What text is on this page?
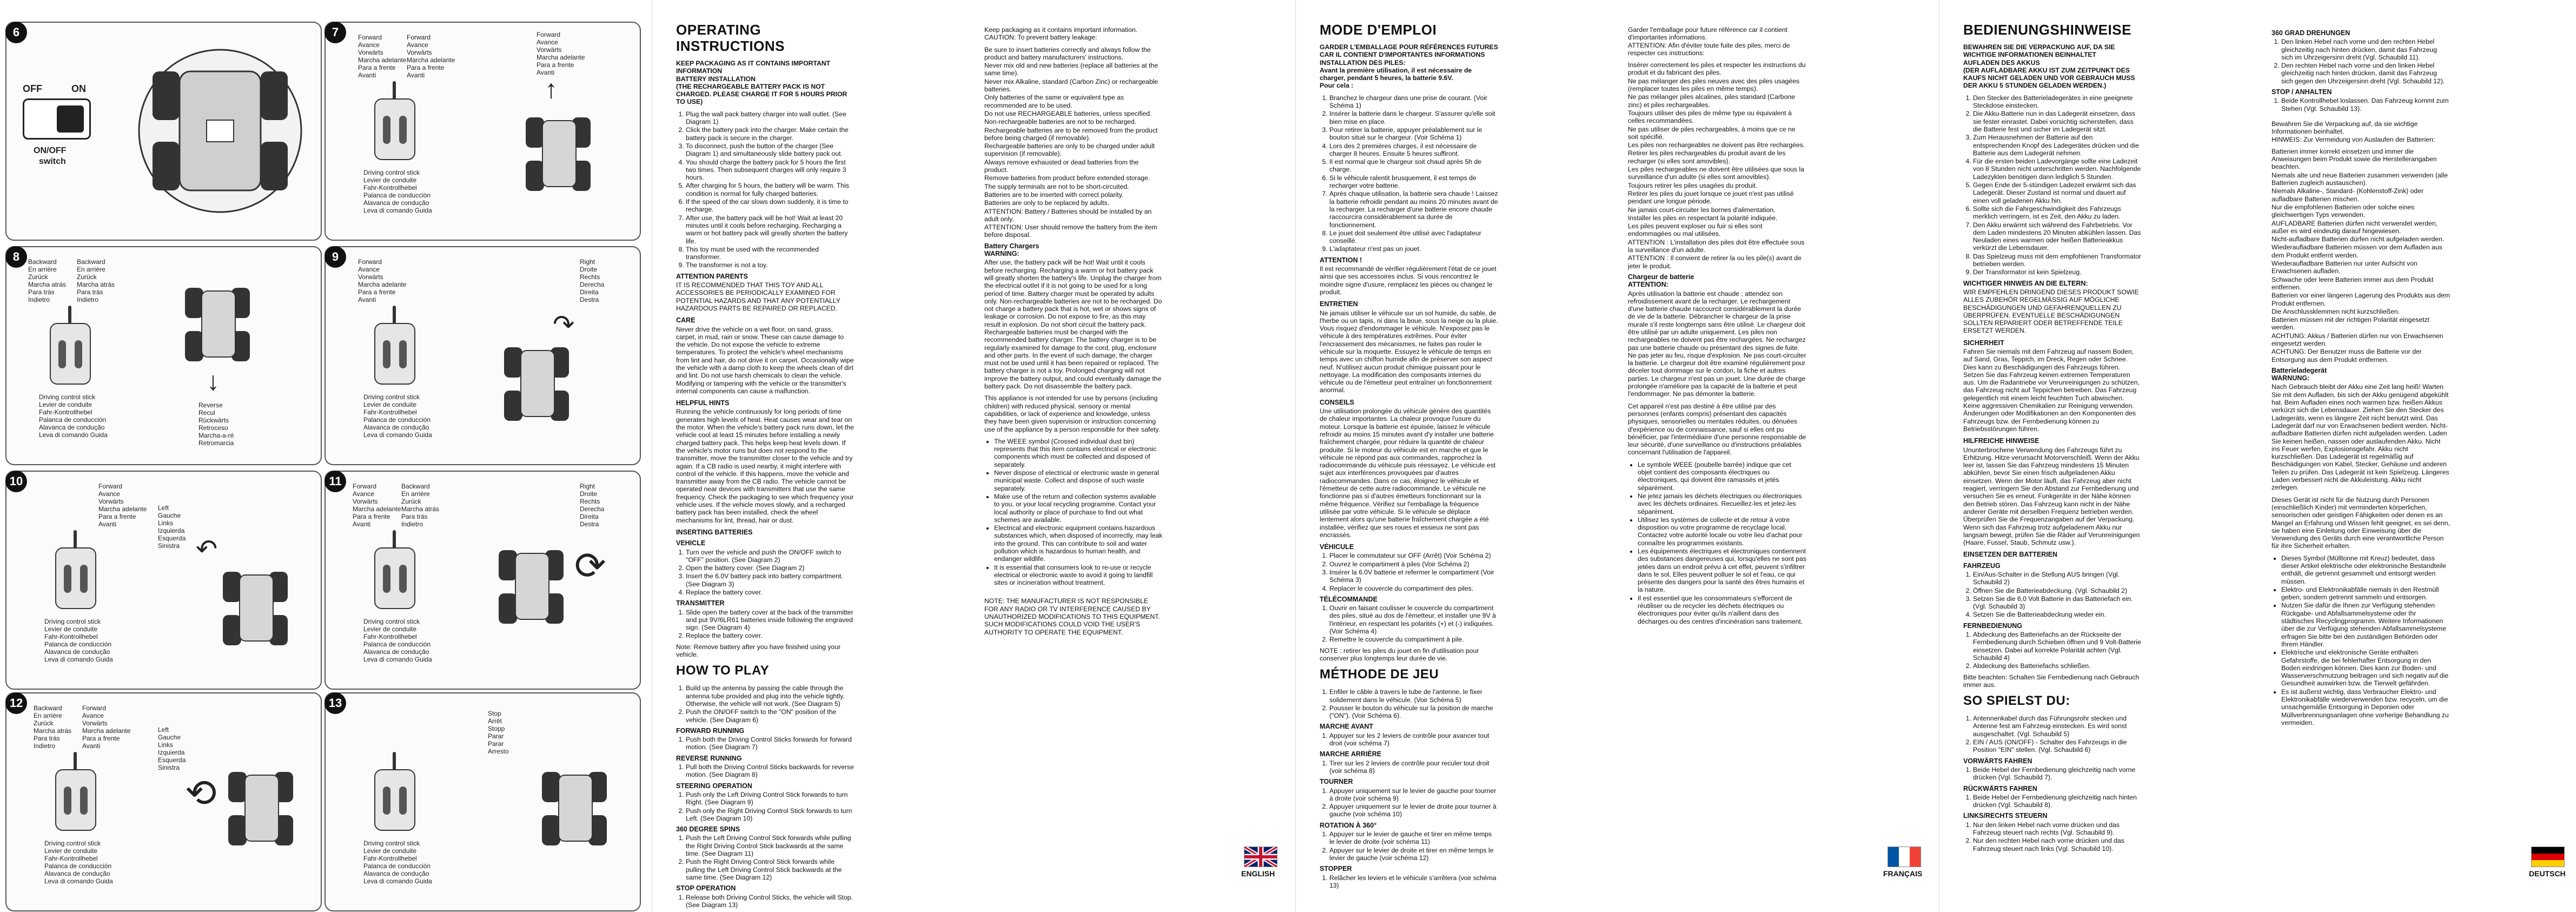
6
OFF	ON
ON/OFF
switch
7	Forward
Avance
Vorwärts
Marcha adelante
Para a frente
Avanti
Forward
Avance
Vorwärts
Marcha adelante
Para a frente
Avanti
Driving control stick
Levier de conduite
Fahr-Kontrollhebel
Palanca de conducción
Alavanca de condução
Leva di comando Guida
Forward
Avance
Vorwärts
Marcha adelante
Para a frente
Avanti
↑
8	Backward
En arrière
Zurück
Marcha atrás
Para trás
Indietro
Backward
En arrière
Zurück
Marcha atrás
Para trás
Indietro
Driving control stick
Levier de conduite
Fahr-Kontrollhebel
Palanca de conducción
Alavanca de condução
Leva di comando Guida
↓
Reverse
Recul
Rückwärts
Retroceso
Marcha-a-ré
Retromarcia
9	Forward
Avance
Vorwärts
Marcha adelante
Para a frente
Avanti
Driving control stick
Levier de conduite
Fahr-Kontrollhebel
Palanca de conducción
Alavanca de condução
Leva di comando Guida
Right
Droite
Rechts
Derecha
Direita
Destra
↷
10	Forward
Avance
Vorwärts
Marcha adelante
Para a frente
Avanti
Driving control stick
Levier de conduite
Fahr-Kontrollhebel
Palanca de conducción
Alavanca de condução
Leva di comando Guida
Left
Gauche
Links
Izquierda
Esquerda
Sinistra ↶
11	Forward
Avance
Vorwärts
Marcha adelante
Para a frente
Avanti
Backward
En arrière
Zurück
Marcha atrás
Para trás
Indietro
Driving control stick
Levier de conduite
Fahr-Kontrollhebel
Palanca de conducción
Alavanca de condução
Leva di comando Guida
Right
Droite
Rechts
Derecha
Direita
Destra
⟳
12	Backward
En arrière
Zurück
Marcha atrás
Para trás
Indietro
Forward
Avance
Vorwärts
Marcha adelante
Para a frente
Avanti
Driving control stick
Levier de conduite
Fahr-Kontrollhebel
Palanca de conducción
Alavanca de condução
Leva di comando Guida
Left
Gauche
Links
Izquierda
Esquerda
Sinistra
⟲
13
Driving control stick
Levier de conduite
Fahr-Kontrollhebel
Palanca de conducción
Alavanca de condução
Leva di comando Guida
Stop
Arrêt
Stopp
Parar
Parar
Arresto
OPERATING INSTRUCTIONS

KEEP PACKAGING AS IT CONTAINS IMPORTANT INFORMATION
BATTERY INSTALLATION
(THE RECHARGEABLE BATTERY PACK IS NOT CHARGED. PLEASE CHARGE IT FOR 5 HOURS PRIOR TO USE)

1. Plug the wall pack battery charger into wall outlet. (See Diagram 1)
2. Click the battery pack into the charger. Make certain the battery pack is secure in the charger.
3. To disconnect, push the button of the charger (See Diagram 1) and simultaneously slide battery pack out.
4. You should charge the battery pack for 5 hours the first two times. Then subsequent charges will only require 3 hours.
5. After charging for 5 hours, the battery will be warm. This condition is normal for fully charged batteries.
6. If the speed of the car slows down suddenly, it is time to recharge.
7. After use, the battery pack will be hot! Wait at least 20 minutes until it cools before recharging. Recharging a warm or hot battery pack will greatly shorten the battery life.
8. This toy must be used with the recommended transformer.
9. The transformer is not a toy.
ATTENTION PARENTS

IT IS RECOMMENDED THAT THIS TOY AND ALL ACCESSORIES BE PERIODICALLY EXAMINED FOR POTENTIAL HAZARDS AND THAT ANY POTENTIALLY HAZARDOUS PARTS BE REPAIRED OR REPLACED.

CARE

Never drive the vehicle on a wet floor, on sand, grass, carpet, in mud, rain or snow. These can cause damage to the vehicle. Do not expose the vehicle to extreme temperatures. To protect the vehicle's wheel mechanisms from lint and hair, do not drive it on carpet. Occasionally wipe the vehicle with a damp cloth to keep the wheels clean of dirt and lint. Do not use harsh chemicals to clean the vehicle. Modifying or tampering with the vehicle or the transmitter's internal components can cause a malfunction.

HELPFUL HINTS

Running the vehicle continuously for long periods of time generates high levels of heat. Heat causes wear and tear on the motor. When the vehicle's battery pack runs down, let the vehicle cool at least 15 minutes before installing a newly charged battery pack. This helps keep heat levels down. If the vehicle's motor runs but does not respond to the transmitter, move the transmitter closer to the vehicle and try again. If a CB radio is used nearby, it might interfere with control of the vehicle. If this happens, move the vehicle and transmitter away from the CB radio. The vehicle cannot be operated near devices with transmitters that use the same frequency. Check the packaging to see which frequency your vehicle uses. If the vehicle moves slowly, and a recharged battery pack has been installed, check the wheel mechanisms for lint, thread, hair or dust.

INSERTING BATTERIES
VEHICLE
1. Turn over the vehicle and push the ON/OFF switch to "OFF" position. (See Diagram 2)
2. Open the battery cover. (See Diagram 2)
3. Insert the 6.0V battery pack into battery compartment. (See Diagram 3)
4. Replace the battery cover.
TRANSMITTER
1. Slide open the battery cover at the back of the transmitter and put 9V/6LR61 batteries inside following the engraved sign. (See Diagram 4)
2. Replace the battery cover.

Note: Remove battery after you have finished using your vehicle.

HOW TO PLAY
1. Build up the antenna by passing the cable through the antenna tube provided and plug into the vehicle tightly. Otherwise, the vehicle will not work. (See Diagram 5)
2. Push the ON/OFF switch to the "ON" position of the vehicle. (See Diagram 6)
FORWARD RUNNING
1. Push both the Driving Control Sticks forwards for forward motion. (See Diagram 7)
REVERSE RUNNING
1. Pull both the Driving Control Sticks backwards for reverse motion. (See Diagram 8)
STEERING OPERATION
1. Push only the Left Driving Control Stick forwards to turn Right. (See Diagram 9)
2. Push only the Right Driving Control Stick forwards to turn Left. (See Diagram 10)
360 DEGREE SPINS
1. Push the Left Driving Control Stick forwards while pulling the Right Driving Control Stick backwards at the same time. (See Diagram 11)
2. Push the Right Driving Control Stick forwards while pulling the Left Driving Control Stick backwards at the same time. (See Diagram 12)
STOP OPERATION
1. Release both Driving Control Sticks, the vehicle will Stop. (See Diagram 13)

Keep packaging as it contains important information.
CAUTION: To prevent battery leakage:

Be sure to insert batteries correctly and always follow the product and battery manufacturers' instructions.
Never mix old and new batteries (replace all batteries at the same time).
Never mix Alkaline, standard (Carbon Zinc) or rechargeable batteries.
Only batteries of the same or equivalent type as recommended are to be used.
Do not use RECHARGEABLE batteries, unless specified.
Non-rechargeable batteries are not to be recharged.
Rechargeable batteries are to be removed from the product before being charged (if removable).
Rechargeable batteries are only to be charged under adult supervision (if removable).
Always remove exhausted or dead batteries from the product.
Remove batteries from product before extended storage.
The supply terminals are not to be short-circuited.
Batteries are to be inserted with correct polarity.
Batteries are only to be replaced by adults.
ATTENTION: Battery / Batteries should be installed by an adult only.
ATTENTION: User should remove the battery from the item before disposal.
Battery Chargers
WARNING:

After use, the battery pack will be hot! Wait until it cools before recharging. Recharging a warm or hot battery pack will greatly shorten the battery's life. Unplug the charger from the electrical outlet if it is not going to be used for a long period of time. Battery charger must be operated by adults only. Non-rechargeable batteries are not to be recharged. Do not charge a battery pack that is hot, wet or shows signs of leakage or corrosion. Do not expose to fire, as this may result in explosion. Do not short circuit the battery pack. Rechargeable batteries must be charged with the recommended battery charger. The battery charger is to be regularly examined for damage to the cord, plug, enclosure and other parts. In the event of such damage, the charger must not be used until it has been repaired or replaced. The battery charger is not a toy. Prolonged charging will not improve the battery output, and could eventually damage the battery pack. Do not disassemble the battery pack.

This appliance is not intended for use by persons (including children) with reduced physical, sensory or mental capabilities, or lack of experience and knowledge, unless they have been given supervision or instruction concerning use of the appliance by a person responsible for their safety.

• The WEEE symbol (Crossed individual dust bin) represents that this item contains electrical or electronic components which must be collected and disposed of separately.
• Never dispose of electrical or electronic waste in general municipal waste. Collect and dispose of such waste separately.
• Make use of the return and collection systems available to you, or your local recycling programme. Contact your local authority or place of purchase to find out what schemes are available.
• Electrical and electronic equipment contains hazardous substances which, when disposed of incorrectly, may leak into the ground. This can contribute to soil and water pollution which is hazardous to human health, and endanger wildlife.
• It is essential that consumers look to re-use or recycle electrical or electronic waste to avoid it going to landfill sites or incineration without treatment.

NOTE: THE MANUFACTURER IS NOT RESPONSIBLE FOR ANY RADIO OR TV INTERFERENCE CAUSED BY UNAUTHORIZED MODIFICATIONS TO THIS EQUIPMENT. SUCH MODIFICATIONS COULD VOID THE USER'S AUTHORITY TO OPERATE THE EQUIPMENT.

ENGLISH
MODE D'EMPLOI

GARDER L'EMBALLAGE POUR RÉFÉRENCES FUTURES CAR IL CONTIENT D'IMPORTANTES INFORMATIONS
INSTALLATION DES PILES:
Avant la première utilisation, il est nécessaire de charger, pendant 5 heures, la batterie 9.6V.
Pour cela :

1. Branchez le chargeur dans une prise de courant. (Voir Schéma 1)
2. Insérer la batterie dans le chargeur. S'assurer qu'elle soit bien mise en place.
3. Pour retirer la batterie, appuyer préalablement sur le bouton situé sur le chargeur. (Voir Schéma 1)
4. Lors des 2 premières charges, il est nécessaire de charger 8 heures. Ensuite 5 heures suffiront.
5. Il est normal que le chargeur soit chaud après 5h de charge.
6. Si le véhicule ralentit brusquement, il est temps de recharger votre batterie.
7. Après chaque utilisation, la batterie sera chaude ! Laissez la batterie refroidir pendant au moins 20 minutes avant de la recharger. La recharger d'une batterie encore chaude raccourcira considérablement sa durée de fonctionnement.
8. Le jouet doit seulement être utilisé avec l'adaptateur conseillé.
9. L'adaptateur n'est pas un jouet.
ATTENTION !

Il est recommandé de vérifier régulièrement l'état de ce jouet ainsi que ses accessoires inclus. Si vous rencontrez le moindre signe d'usure, remplacez les pièces ou changez le produit.

ENTRETIEN

Ne jamais utiliser le véhicule sur un sol humide, du sable, de l'herbe ou un tapis, ni dans la boue, sous la neige ou la pluie. Vous risquez d'endommager le véhicule. N'exposez pas le véhicule à des températures extrêmes. Pour éviter l'encrassement des mécanismes, ne faites pas rouler le véhicule sur la moquette. Essuyez le véhicule de temps en temps avec un chiffon humide afin de préserver son aspect neuf. N'utilisez aucun produit chimique puissant pour le nettoyage. La modification des composants internes du véhicule ou de l'émetteur peut entraîner un fonctionnement anormal.

CONSEILS

Une utilisation prolongée du véhicule génère des quantités de chaleur importantes. La chaleur provoque l'usure du moteur. Lorsque la batterie est épuisée, laissez le véhicule refroidir au moins 15 minutes avant d'y installer une batterie fraîchement chargée, pour réduire la quantité de chaleur produite. Si le moteur du véhicule est en marche et que le véhicule ne répond pas aux commandes, rapprochez la radiocommande du véhicule puis réessayez. Le véhicule est sujet aux interférences provoquées par d'autres radiocommandes. Dans ce cas, éloignez le véhicule et l'émetteur de cette autre radiocommande. Le véhicule ne fonctionne pas si d'autres émetteurs fonctionnant sur la même fréquence. Vérifiez sur l'emballage la fréquence utilisée par votre véhicule. Si le véhicule se déplace lentement alors qu'une batterie fraîchement chargée a été installée, vérifiez que ses roues et essieux ne sont pas encrassés.

VÉHICULE
1. Placer le commutateur sur OFF (Arrêt) (Voir Schéma 2)
2. Ouvrez le compartiment à piles (Voir Schéma 2)
3. Insérer la 6.0V batterie et refermer le compartiment (Voir Schéma 3)
4. Replacer le couvercle du compartiment des piles.
TÉLÉCOMMANDE
1. Ouvrir en faisant coulisser le couvercle du compartiment des piles, situé au dos de l'émetteur, et installer une 9V à l'intérieur, en respectant les polarités (+) et (-) indiquées. (Voir Schéma 4)
2. Remettre le couvercle du compartiment à pile.

NOTE : retirer les piles du jouet en fin d'utilisation pour conserver plus longtemps leur durée de vie.

MÉTHODE DE JEU
1. Enfiler le câble à travers le tube de l'antenne, le fixer solidement dans le véhicule. (Voir Schéma 5)
2. Pousser le bouton du véhicule sur la position de marche ("ON"). (Voir Schéma 6).
MARCHE AVANT
1. Appuyer sur les 2 leviers de contrôle pour avancer tout droit (voir schéma 7)
MARCHE ARRIÈRE
1. Tirer sur les 2 leviers de contrôle pour reculer tout droit (voir schéma 8)
TOURNER
1. Appuyer uniquement sur le levier de gauche pour tourner à droite (voir schéma 9)
2. Appuyer uniquement sur le levier de droite pour tourner à gauche (voir schéma 10)
ROTATION À 360°
1. Appuyer sur le levier de gauche et tirer en même temps le levier de droite (voir schéma 11)
2. Appuyer sur le levier de droite et tirer en même temps le levier de gauche (voir schéma 12)
STOPPER
1. Relâcher les leviers et le véhicule s'arrêtera (voir schéma 13)

Garder l'emballage pour future référence car il contient d'importantes informations.
ATTENTION: Afin d'éviter toute fuite des piles, merci de respecter ces instructions:

Insérer correctement les piles et respecter les instructions du produit et du fabricant des piles.
Ne pas mélanger des piles neuves avec des piles usagées (remplacer toutes les piles en même temps).
Ne pas mélanger piles alcalines, piles standard (Carbone zinc) et piles rechargeables.
Toujours utiliser des piles de même type ou équivalent à celles recommandées.
Ne pas utiliser de piles rechargeables, à moins que ce ne soit spécifié.
Les piles non rechargeables ne doivent pas être rechargées.
Retirer les piles rechargeables du produit avant de les recharger (si elles sont amovibles).
Les piles rechargeables ne doivent être utilisées que sous la surveillance d'un adulte (si elles sont amovibles).
Toujours retirer les piles usagées du produit.
Retirer les piles du jouet lorsque ce jouet n'est pas utilisé pendant une longue période.
Ne jamais court-circuiter les bornes d'alimentation.
Installer les piles en respectant la polarité indiquée.
Les piles peuvent exploser ou fuir si elles sont endommagées ou mal utilisées.
ATTENTION : L'installation des piles doit être effectuée sous la surveillance d'un adulte.
ATTENTION : Il convient de retirer la ou les pile(s) avant de jeter le produit.
Chargeur de batterie
ATTENTION:

Après utilisation la batterie est chaude ; attendez son refroidissement avant de la recharger. Le rechargement d'une batterie chaude raccourcit considérablement la durée de vie de la batterie. Débrancher le chargeur de la prise murale s'il reste longtemps sans être utilisé. Le chargeur doit être utilisé par un adulte uniquement. Les piles non rechargeables ne doivent pas être rechargées. Ne rechargez pas une batterie chaude ou présentant des signes de fuite. Ne pas jeter au feu, risque d'explosion. Ne pas court-circuiter la batterie. Le chargeur doit être examiné régulièrement pour déceler tout dommage sur le cordon, la fiche et autres parties. Le chargeur n'est pas un jouet. Une durée de charge prolongée n'améliore pas la capacité de la batterie et peut l'endommager. Ne pas démonter la batterie.

Cet appareil n'est pas destiné à être utilisé par des personnes (enfants compris) présentant des capacités physiques, sensorielles ou mentales réduites, ou dénuées d'expérience ou de connaissance, sauf si elles ont pu bénéficier, par l'intermédiaire d'une personne responsable de leur sécurité, d'une surveillance ou d'instructions préalables concernant l'utilisation de l'appareil.

• Le symbole WEEE (poubelle barrée) indique que cet objet contient des composants électriques ou électroniques, qui doivent être ramassés et jetés séparément.
• Ne jetez jamais les déchets électriques ou électroniques avec les déchets ordinaires. Recueillez-les et jetez-les séparément.
• Utilisez les systèmes de collecte et de retour à votre disposition ou votre programme de recyclage local. Contactez votre autorité locale ou votre lieu d'achat pour connaître les programmes existants.
• Les équipements électriques et électroniques contiennent des substances dangereuses qui, lorsqu'elles ne sont pas jetées dans un endroit prévu à cet effet, peuvent s'infiltrer dans le sol. Elles peuvent polluer le sol et l'eau, ce qui présente des dangers pour la santé des êtres humains et la nature.
• Il est essentiel que les consommateurs s'efforcent de réutiliser ou de recycler les déchets électriques ou électroniques pour éviter qu'ils n'aillent dans des décharges ou des centres d'incinération sans traitement.
FRANÇAIS
BEDIENUNGSHINWEISE

BEWAHREN SIE DIE VERPACKUNG AUF, DA SIE WICHTIGE INFORMATIONEN BEINHALTET
AUFLADEN DES AKKUS
(DER AUFLADBARE AKKU IST ZUM ZEITPUNKT DES KAUFS NICHT GELADEN UND VOR GEBRAUCH MUSS DER AKKU 5 STUNDEN GELADEN WERDEN.)

1. Den Stecker des Batterieladegerätes in eine geeignete Steckdose einstecken.
2. Die Akku-Batterie nun in das Ladegerät einsetzen, dass sie fester einrastet. Dabei vorsichtig sicherstellen, dass die Batterie fest und sicher im Ladegerät sitzt.
3. Zum Herausnehmen der Batterie auf den entsprechenden Knopf des Ladegerätes drücken und die Batterie aus dem Ladegerät nehmen.
4. Für die ersten beiden Ladevorgänge sollte eine Ladezeit von 8 Stunden nicht unterschritten werden. Nachfolgende Ladezyklen benötigen dann lediglich 5 Stunden.
5. Gegen Ende der 5-stündigen Ladezeit erwärmt sich das Ladegerät. Dieser Zustand ist normal und dauert auf einen voll geladenen Akku hin.
6. Sollte sich die Fahrgeschwindigkeit des Fahrzeugs merklich verringern, ist es Zeit, den Akku zu laden.
7. Den Akku erwärmt sich während des Fahrbetriebs. Vor dem Laden mindestens 20 Minuten abkühlen lassen. Das Neuladen eines warmen oder heißen Batterieakkus verkürzt die Lebensdauer.
8. Das Spielzeug muss mit dem empfohlenen Transformator betrieben werden.
9. Der Transformator ist kein Spielzeug.
WICHTIGER HINWEIS AN DIE ELTERN:

WIR EMPFEHLEN DRINGEND DIESES PRODUKT SOWIE ALLES ZUBEHÖR REGELMÄSSIG AUF MÖGLICHE BESCHÄDIGUNGEN UND GEFAHRENQUELLEN ZU ÜBERPRÜFEN. EVENTUELLE BESCHÄDIGUNGEN SOLLTEN REPARIERT ODER BETREFFENDE TEILE ERSETZT WERDEN.

SICHERHEIT

Fahren Sie niemals mit dem Fahrzeug auf nassem Boden, auf Sand, Gras, Teppich, im Dreck, Regen oder Schnee. Dies kann zu Beschädigungen des Fahrzeugs führen. Setzen Sie das Fahrzeug keinen extremen Temperaturen aus. Um die Radantriebe vor Verunreinigungen zu schützen, das Fahrzeug nicht auf Teppichen betreiben. Das Fahrzeug gelegentlich mit einem leicht feuchten Tuch abwischen. Keine aggressiven Chemikalien zur Reinigung verwenden. Änderungen oder Modifikationen an den Komponenten des Fahrzeugs bzw. der Fernbedienung können zu Betriebsstörungen führen.

HILFREICHE HINWEISE

Ununterbrochene Verwendung des Fahrzeugs führt zu Erhitzung. Hitze verursacht Motorverschleiß. Wenn der Akku leer ist, lassen Sie das Fahrzeug mindestens 15 Minuten abkühlen, bevor Sie einen frisch aufgeladenen Akku einsetzen. Wenn der Motor läuft, das Fahrzeug aber nicht reagiert, verringern Sie den Abstand zur Fernbedienung und versuchen Sie es erneut. Funkgeräte in der Nähe können den Betrieb stören. Das Fahrzeug kann nicht in der Nähe anderer Geräte mit derselben Frequenz betrieben werden. Überprüfen Sie die Frequenzangaben auf der Verpackung. Wenn sich das Fahrzeug trotz aufgeladenem Akku nur langsam bewegt, prüfen Sie die Räder auf Verunreinigungen (Haare, Fussel, Staub, Schmutz usw.).

EINSETZEN DER BATTERIEN
FAHRZEUG
1. Ein/Aus-Schalter in die Stellung AUS bringen (Vgl. Schaubild 2)
2. Öffnen Sie die Batterieabdeckung. (Vgl. Schaubild 2)
3. Setzen Sie die 6,0 Volt Batterie in das Batteriefach ein. (Vgl. Schaubild 3)
4. Setzen Sie die Batterieabdeckung wieder ein.
FERNBEDIENUNG
1. Abdeckung des Batteriefachs an der Rückseite der Fernbedienung durch Schieben öffnen und 9 Volt-Batterie einsetzen. Dabei auf korrekte Polarität achten (Vgl. Schaubild 4)
2. Abdeckung des Batteriefachs schließen.

Bitte beachten: Schalten Sie Fernbedienung nach Gebrauch immer aus.

SO SPIELST DU:
1. Antennenkabel durch das Führungsrohr stecken und Antenne fest am Fahrzeug einstecken. Es wird sonst ausgeschaltet. (Vgl. Schaubild 5)
2. EIN / AUS (ON/OFF) - Schalter des Fahrzeugs in die Position "EIN" stellen. (Vgl. Schaubild 6)
VORWÄRTS FAHREN
1. Beide Hebel der Fernbedienung gleichzeitig nach vorne drücken (Vgl. Schaubild 7).
RÜCKWÄRTS FAHREN
1. Beide Hebel der Fernbedienung gleichzeitig nach hinten drücken (Vgl. Schaubild 8).
LINKS/RECHTS STEUERN
1. Nur den linken Hebel nach vorne drücken und das Fahrzeug steuert nach rechts (Vgl. Schaubild 9).
2. Nur den rechten Hebel nach vorne drücken und das Fahrzeug steuert nach links (Vgl. Schaubild 10).
360 GRAD DREHUNGEN
1. Den linken Hebel nach vorne und den rechten Hebel gleichzeitig nach hinten drücken, damit das Fahrzeug sich im Uhrzeigersinn dreht (Vgl. Schaubild 11).
2. Den rechten Hebel nach vorne und den linken Hebel gleichzeitig nach hinten drücken, damit das Fahrzeug sich gegen den Uhrzeigersinn dreht (Vgl. Schaubild 12).
STOP / ANHALTEN
1. Beide Kontrollhebel loslassen. Das Fahrzeug kommt zum Stehen (Vgl. Schaubild 13).

Bewahren Sie die Verpackung auf, da sie wichtige Informationen beinhaltet.
HINWEIS: Zur Vermeidung von Auslaufen der Batterien:

Batterien immer korrekt einsetzen und immer die Anweisungen beim Produkt sowie die Herstellerangaben beachten.
Niemals alte und neue Batterien zusammen verwenden (alle Batterien zugleich austauschen).
Niemals Alkaline-, Standard- (Kohlenstoff-Zink) oder aufladbare Batterien mischen.
Nur die empfohlenen Batterien oder solche eines gleichwertigen Typs verwenden.
AUFLADBARE Batterien dürfen nicht verwendet werden, außer es wird eindeutig darauf hingewiesen.
Nicht-aufladbare Batterien dürfen nicht aufgeladen werden.
Wiederaufladbare Batterien müssen vor dem Aufladen aus dem Produkt entfernt werden.
Wiederaufladbare Batterien nur unter Aufsicht von Erwachsenen aufladen.
Schwache oder leere Batterien immer aus dem Produkt entfernen.
Batterien vor einer längeren Lagerung des Produkts aus dem Produkt entfernen.
Die Anschlussklemmen nicht kurzschließen.
Batterien müssen mit der richtigen Polarität eingesetzt werden.
ACHTUNG: Akkus / Batterien dürfen nur von Erwachsenen eingesetzt werden.
ACHTUNG: Der Benutzer muss die Batterie vor der Entsorgung aus dem Produkt entfernen.
Batterieladegerät
WARNUNG:

Nach Gebrauch bleibt der Akku eine Zeit lang heiß! Warten Sie mit dem Aufladen, bis sich der Akku genügend abgekühlt hat. Beim Aufladen eines noch warmen bzw. heißen Akkus verkürzt sich die Lebensdauer. Ziehen Sie den Stecker des Ladegeräts, wenn es längere Zeit nicht benutzt wird. Das Ladegerät darf nur von Erwachsenen bedient werden. Nicht-aufladbare Batterien dürfen nicht aufgeladen werden. Laden Sie keinen heißen, nassen oder auslaufenden Akku. Nicht ins Feuer werfen, Explosionsgefahr. Akku nicht kurzschließen. Das Ladegerät ist regelmäßig auf Beschädigungen von Kabel, Stecker, Gehäuse und anderen Teilen zu prüfen. Das Ladegerät ist kein Spielzeug. Längeres Laden verbessert nicht die Akkuleistung. Akku nicht zerlegen.

Dieses Gerät ist nicht für die Nutzung durch Personen (einschließlich Kinder) mit verminderten körperlichen, sensorischen oder geistigen Fähigkeiten oder denen es an Mangel an Erfahrung und Wissen fehlt geeignet, es sei denn, sie haben eine Einleitung oder Einweisung über die Verwendung des Geräts durch eine verantwortliche Person für ihre Sicherheit erhalten.

• Dieses Symbol (Mülltonne mit Kreuz) bedeutet, dass dieser Artikel elektrische oder elektronische Bestandteile enthält, die getrennt gesammelt und entsorgt werden müssen.
• Elektro- und Elektronikabfälle niemals in den Restmüll geben, sondern getrennt sammeln und entsorgen.
• Nutzen Sie dafür die Ihnen zur Verfügung stehenden Rückgabe- und Abfallsammelsysteme oder Ihr städtisches Recyclingprogramm. Weitere Informationen über die zur Verfügung stehenden Abfallsammelsysteme erfragen Sie bitte bei den zuständigen Behörden oder Ihrem Händler.
• Elektrische und elektronische Geräte enthalten Gefahrstoffe, die bei fehlerhafter Entsorgung in den Boden eindringen können. Dies kann zur Boden- und Wasserverschmutzung beitragen und sich negativ auf die Gesundheit auswirken bzw. die Tierwelt gefährden.
• Es ist äußerst wichtig, dass Verbraucher Elektro- und Elektronikabfälle wiederverwenden bzw. recyceln, um die unsachgemäße Entsorgung in Deponien oder Müllverbrennungsanlagen ohne vorherige Behandlung zu vermeiden.
DEUTSCH
